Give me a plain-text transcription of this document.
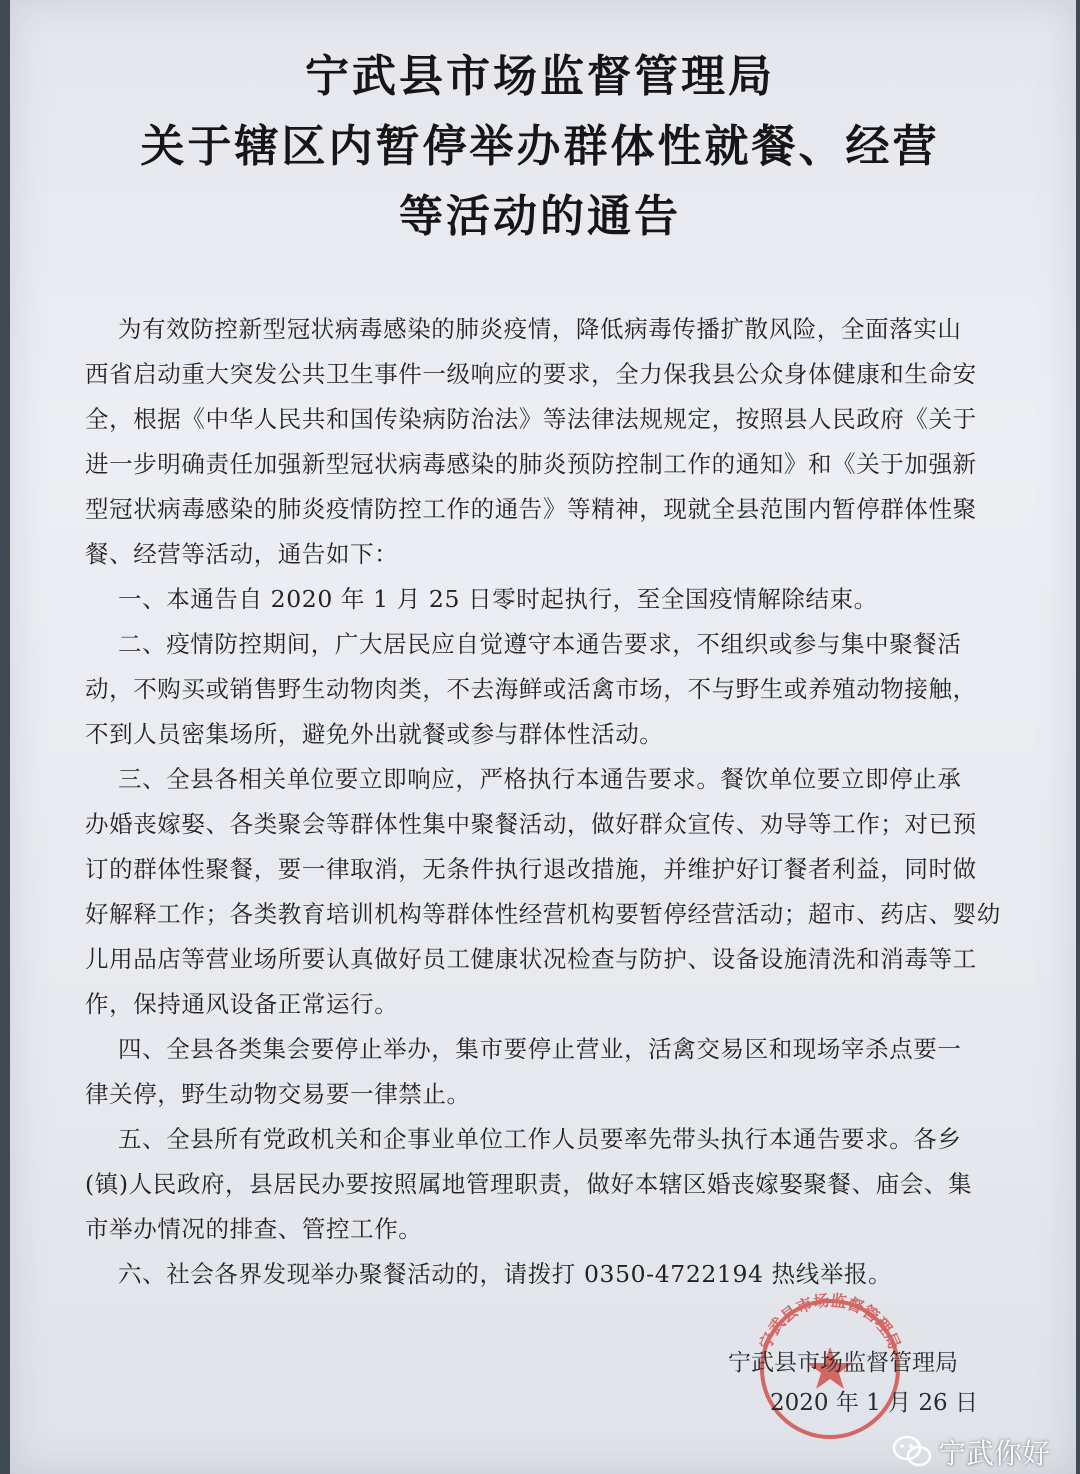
宁武县市场监督管理局
关于辖区内暂停举办群体性就餐、经营
等活动的通告
为有效防控新型冠状病毒感染的肺炎疫情，降低病毒传播扩散风险，全面落实山
西省启动重大突发公共卫生事件一级响应的要求，全力保我县公众身体健康和生命安
全，根据《中华人民共和国传染病防治法》等法律法规规定，按照县人民政府《关于
进一步明确责任加强新型冠状病毒感染的肺炎预防控制工作的通知》和《关于加强新
型冠状病毒感染的肺炎疫情防控工作的通告》等精神，现就全县范围内暂停群体性聚
餐、经营等活动，通告如下：
一、本通告自 2020 年 1 月 25 日零时起执行，至全国疫情解除结束。
二、疫情防控期间，广大居民应自觉遵守本通告要求，不组织或参与集中聚餐活
动，不购买或销售野生动物肉类，不去海鲜或活禽市场，不与野生或养殖动物接触，
不到人员密集场所，避免外出就餐或参与群体性活动。
三、全县各相关单位要立即响应，严格执行本通告要求。餐饮单位要立即停止承
办婚丧嫁娶、各类聚会等群体性集中聚餐活动，做好群众宣传、劝导等工作；对已预
订的群体性聚餐，要一律取消，无条件执行退改措施，并维护好订餐者利益，同时做
好解释工作；各类教育培训机构等群体性经营机构要暂停经营活动；超市、药店、婴幼
儿用品店等营业场所要认真做好员工健康状况检查与防护、设备设施清洗和消毒等工
作，保持通风设备正常运行。
四、全县各类集会要停止举办，集市要停止营业，活禽交易区和现场宰杀点要一
律关停，野生动物交易要一律禁止。
五、全县所有党政机关和企事业单位工作人员要率先带头执行本通告要求。各乡
(镇)人民政府，县居民办要按照属地管理职责，做好本辖区婚丧嫁娶聚餐、庙会、集
市举办情况的排查、管控工作。
六、社会各界发现举办聚餐活动的，请拨打 0350-4722194 热线举报。
宁武县市场监督管理局
宁武县市场监督管理局
2020 年 1 月 26 日
宁武你好
